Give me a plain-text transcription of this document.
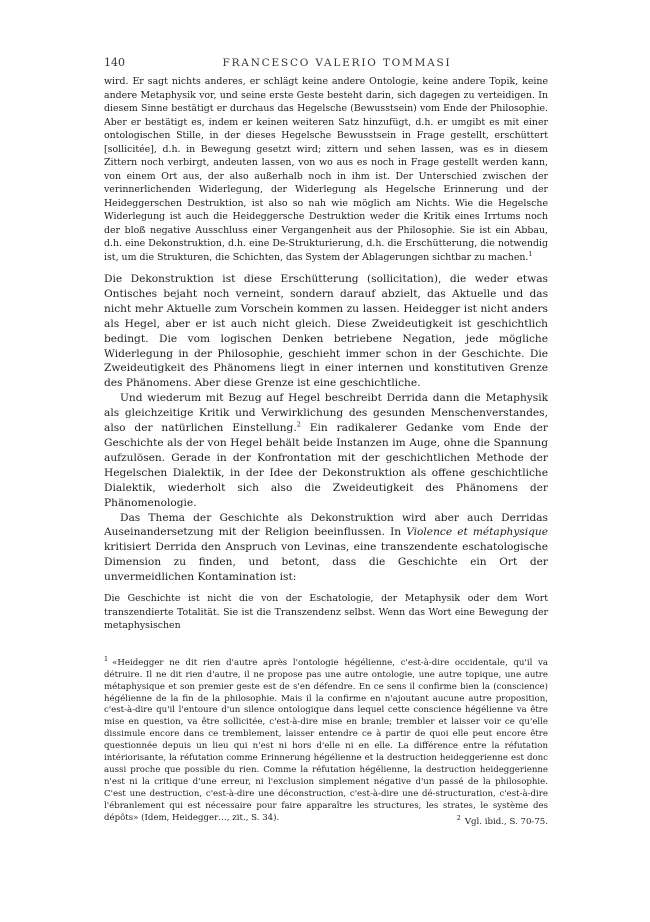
140	FRANCESCO VALERIO TOMMASI

wird. Er sagt nichts anderes, er schlägt keine andere Ontologie, keine andere Topik, keine andere Metaphysik vor, und seine erste Geste besteht darin, sich dagegen zu verteidigen. In diesem Sinne bestätigt er durchaus das Hegelsche (Bewusstsein) vom Ende der Philosophie. Aber er bestätigt es, indem er keinen weiteren Satz hinzufügt, d.h. er umgibt es mit einer ontologischen Stille, in der dieses Hegelsche Bewusstsein in Frage gestellt, erschüttert [sollicitée], d.h. in Bewegung gesetzt wird; zittern und sehen lassen, was es in diesem Zittern noch verbirgt, andeuten lassen, von wo aus es noch in Frage gestellt werden kann, von einem Ort aus, der also außerhalb noch in ihm ist. Der Unterschied zwischen der verinnerlichenden Widerlegung, der Widerlegung als Hegelsche Erinnerung und der Heideggerschen Destruktion, ist also so nah wie möglich am Nichts. Wie die Hegelsche Widerlegung ist auch die Heideggersche Destruktion weder die Kritik eines Irrtums noch der bloß negative Ausschluss einer Vergangenheit aus der Philosophie. Sie ist ein Abbau, d.h. eine Dekonstruktion, d.h. eine De-Strukturierung, d.h. die Erschütterung, die notwendig ist, um die Strukturen, die Schichten, das System der Ablagerungen sichtbar zu machen.$^1$

Die Dekonstruktion ist diese Erschütterung (sollicitation), die weder etwas Ontisches bejaht noch verneint, sondern darauf abzielt, das Aktuelle und das nicht mehr Aktuelle zum Vorschein kommen zu lassen. Heidegger ist nicht anders als Hegel, aber er ist auch nicht gleich. Diese Zweideutigkeit ist geschichtlich bedingt. Die vom logischen Denken betriebene Negation, jede mögliche Widerlegung in der Philosophie, geschieht immer schon in der Geschichte. Die Zweideutigkeit des Phänomens liegt in einer internen und konstitutiven Grenze des Phänomens. Aber diese Grenze ist eine geschichtliche.

Und wiederum mit Bezug auf Hegel beschreibt Derrida dann die Metaphysik als gleichzeitige Kritik und Verwirklichung des gesunden Menschenverstandes, also der natürlichen Einstellung.$^2$ Ein radikalerer Gedanke vom Ende der Geschichte als der von Hegel behält beide Instanzen im Auge, ohne die Spannung aufzulösen. Gerade in der Konfrontation mit der geschichtlichen Methode der Hegelschen Dialektik, in der Idee der Dekonstruktion als offene geschichtliche Dialektik, wiederholt sich also die Zweideutigkeit des Phänomens der Phänomenologie.

Das Thema der Geschichte als Dekonstruktion wird aber auch Derridas Auseinandersetzung mit der Religion beeinflussen. In Violence et métaphysique kritisiert Derrida den Anspruch von Levinas, eine transzendente eschatologische Dimension zu finden, und betont, dass die Geschichte ein Ort der unvermeidlichen Kontamination ist:

Die Geschichte ist nicht die von der Eschatologie, der Metaphysik oder dem Wort transzendierte Totalität. Sie ist die Transzendenz selbst. Wenn das Wort eine Bewegung der metaphysischen

$^1$ «Heidegger ne dit rien d'autre après l'ontologie hégélienne, c'est-à-dire occidentale, qu'il va détruire. Il ne dit rien d'autre, il ne propose pas une autre ontologie, une autre topique, une autre métaphysique et son premier geste est de s'en défendre. En ce sens il confirme bien la (conscience) hégélienne de la fin de la philosophie. Mais il la confirme en n'ajoutant aucune autre proposition, c'est-à-dire qu'il l'entoure d'un silence ontologique dans lequel cette conscience hégélienne va être mise en question, va être sollicitée, c'est-à-dire mise en branle; trembler et laisser voir ce qu'elle dissimule encore dans ce tremblement, laisser entendre ce à partir de quoi elle peut encore être questionnée depuis un lieu qui n'est ni hors d'elle ni en elle. La différence entre la réfutation intériorisante, la réfutation comme Erinnerung hégélienne et la destruction heideggerienne est donc aussi proche que possible du rien. Comme la réfutation hégélienne, la destruction heideggerienne n'est ni la critique d'une erreur, ni l'exclusion simplement négative d'un passé de la philosophie. C'est une destruction, c'est-à-dire une déconstruction, c'est-à-dire une dé-structuration, c'est-à-dire l'ébranlement qui est nécessaire pour faire apparaître les structures, les strates, le système des dépôts» (Idem, Heidegger…, zit., S. 34).	$^2$ Vgl. ibid., S. 70-75.
